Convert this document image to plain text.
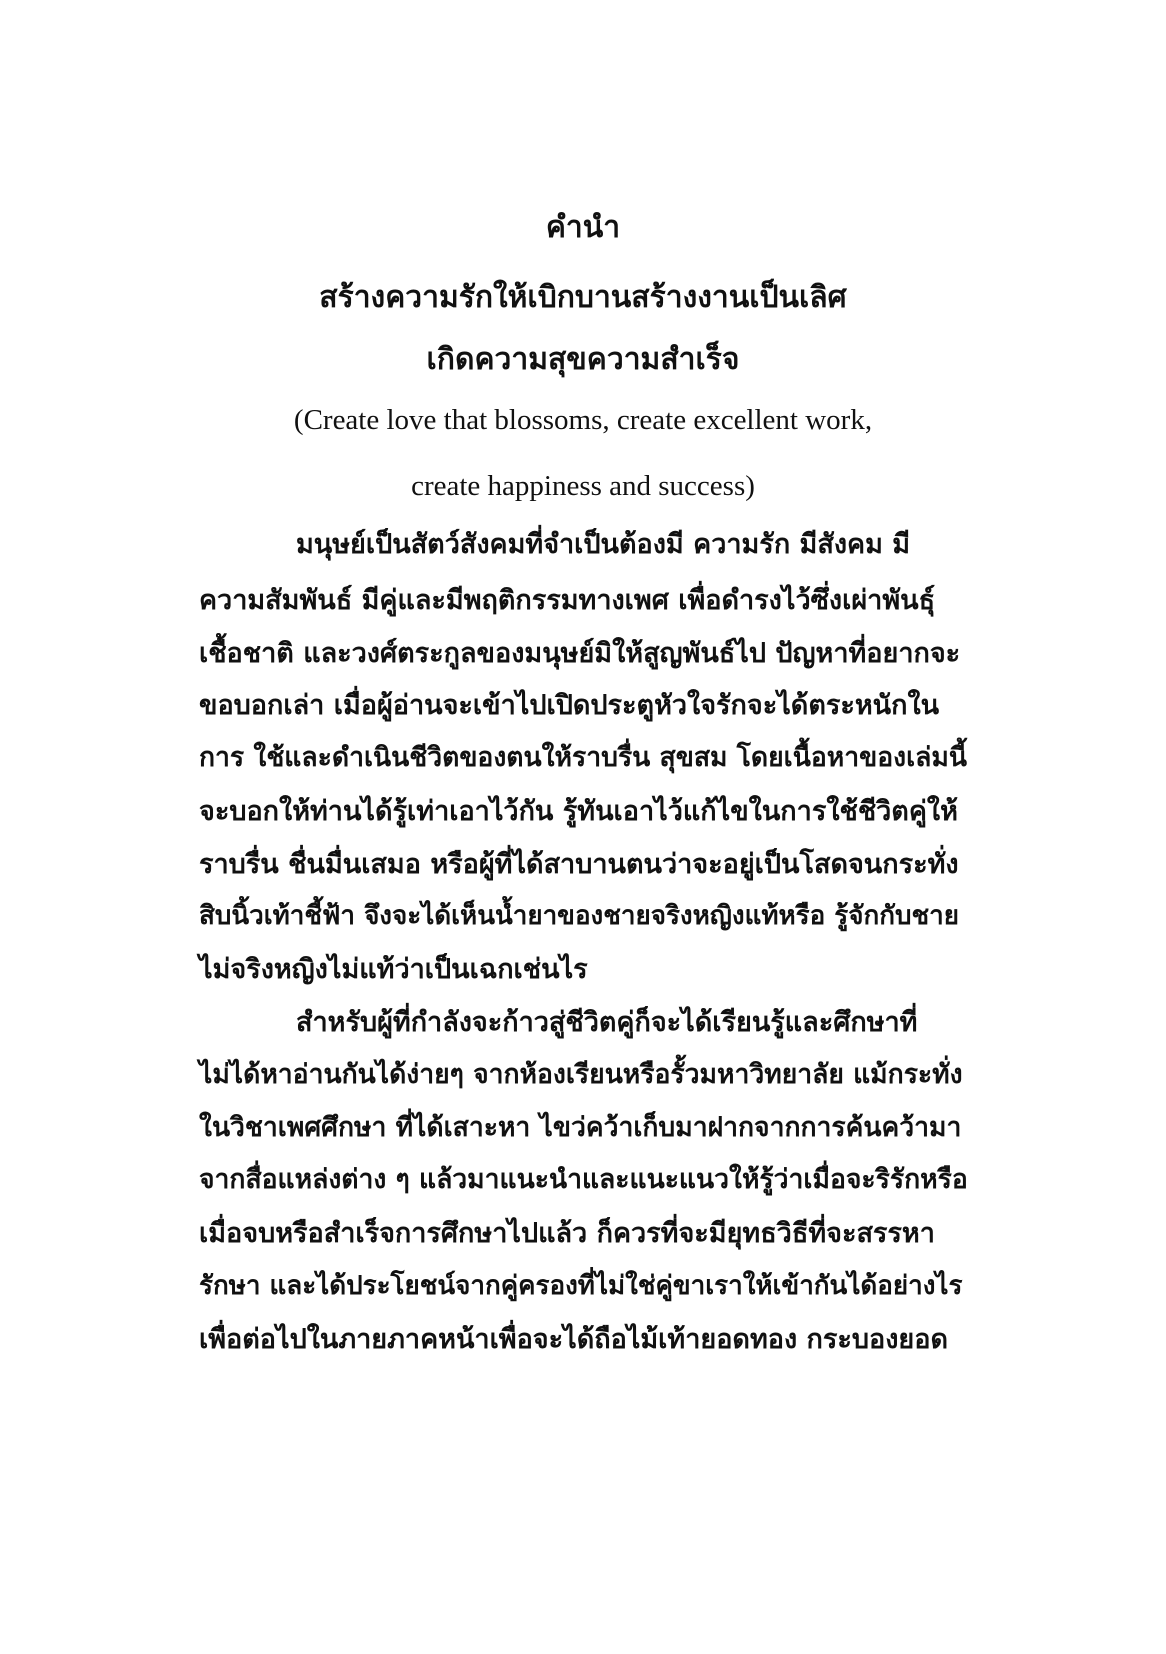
คำนำ
สร้างความรักให้เบิกบานสร้างงานเป็นเลิศ
เกิดความสุขความสำเร็จ
(Create love that blossoms, create excellent work,
create happiness and success)
มนุษย์เป็นสัตว์สังคมที่จำเป็นต้องมี ความรัก มีสังคม มี
ความสัมพันธ์ มีคู่และมีพฤติกรรมทางเพศ เพื่อดำรงไว้ซึ่งเผ่าพันธุ์
เชื้อชาติ และวงศ์ตระกูลของมนุษย์มิให้สูญพันธ์ไป ปัญหาที่อยากจะ
ขอบอกเล่า เมื่อผู้อ่านจะเข้าไปเปิดประตูหัวใจรักจะได้ตระหนักใน
การ ใช้และดำเนินชีวิตของตนให้ราบรื่น สุขสม โดยเนื้อหาของเล่มนี้
จะบอกให้ท่านได้รู้เท่าเอาไว้กัน รู้ทันเอาไว้แก้ไขในการใช้ชีวิตคู่ให้
ราบรื่น ชื่นมื่นเสมอ หรือผู้ที่ได้สาบานตนว่าจะอยู่เป็นโสดจนกระทั่ง
สิบนิ้วเท้าชี้ฟ้า จึงจะได้เห็นน้ำยาของชายจริงหญิงแท้หรือ รู้จักกับชาย
ไม่จริงหญิงไม่แท้ว่าเป็นเฉกเช่นไร
สำหรับผู้ที่กำลังจะก้าวสู่ชีวิตคู่ก็จะได้เรียนรู้และศึกษาที่
ไม่ได้หาอ่านกันได้ง่ายๆ จากห้องเรียนหรือรั้วมหาวิทยาลัย แม้กระทั่ง
ในวิชาเพศศึกษา ที่ได้เสาะหา ไขว่คว้าเก็บมาฝากจากการค้นคว้ามา
จากสื่อแหล่งต่าง ๆ แล้วมาแนะนำและแนะแนวให้รู้ว่าเมื่อจะริรักหรือ
เมื่อจบหรือสำเร็จการศึกษาไปแล้ว ก็ควรที่จะมียุทธวิธีที่จะสรรหา
รักษา และได้ประโยชน์จากคู่ครองที่ไม่ใช่คู่ขาเราให้เข้ากันได้อย่างไร
เพื่อต่อไปในภายภาคหน้าเพื่อจะได้ถือไม้เท้ายอดทอง กระบองยอด
